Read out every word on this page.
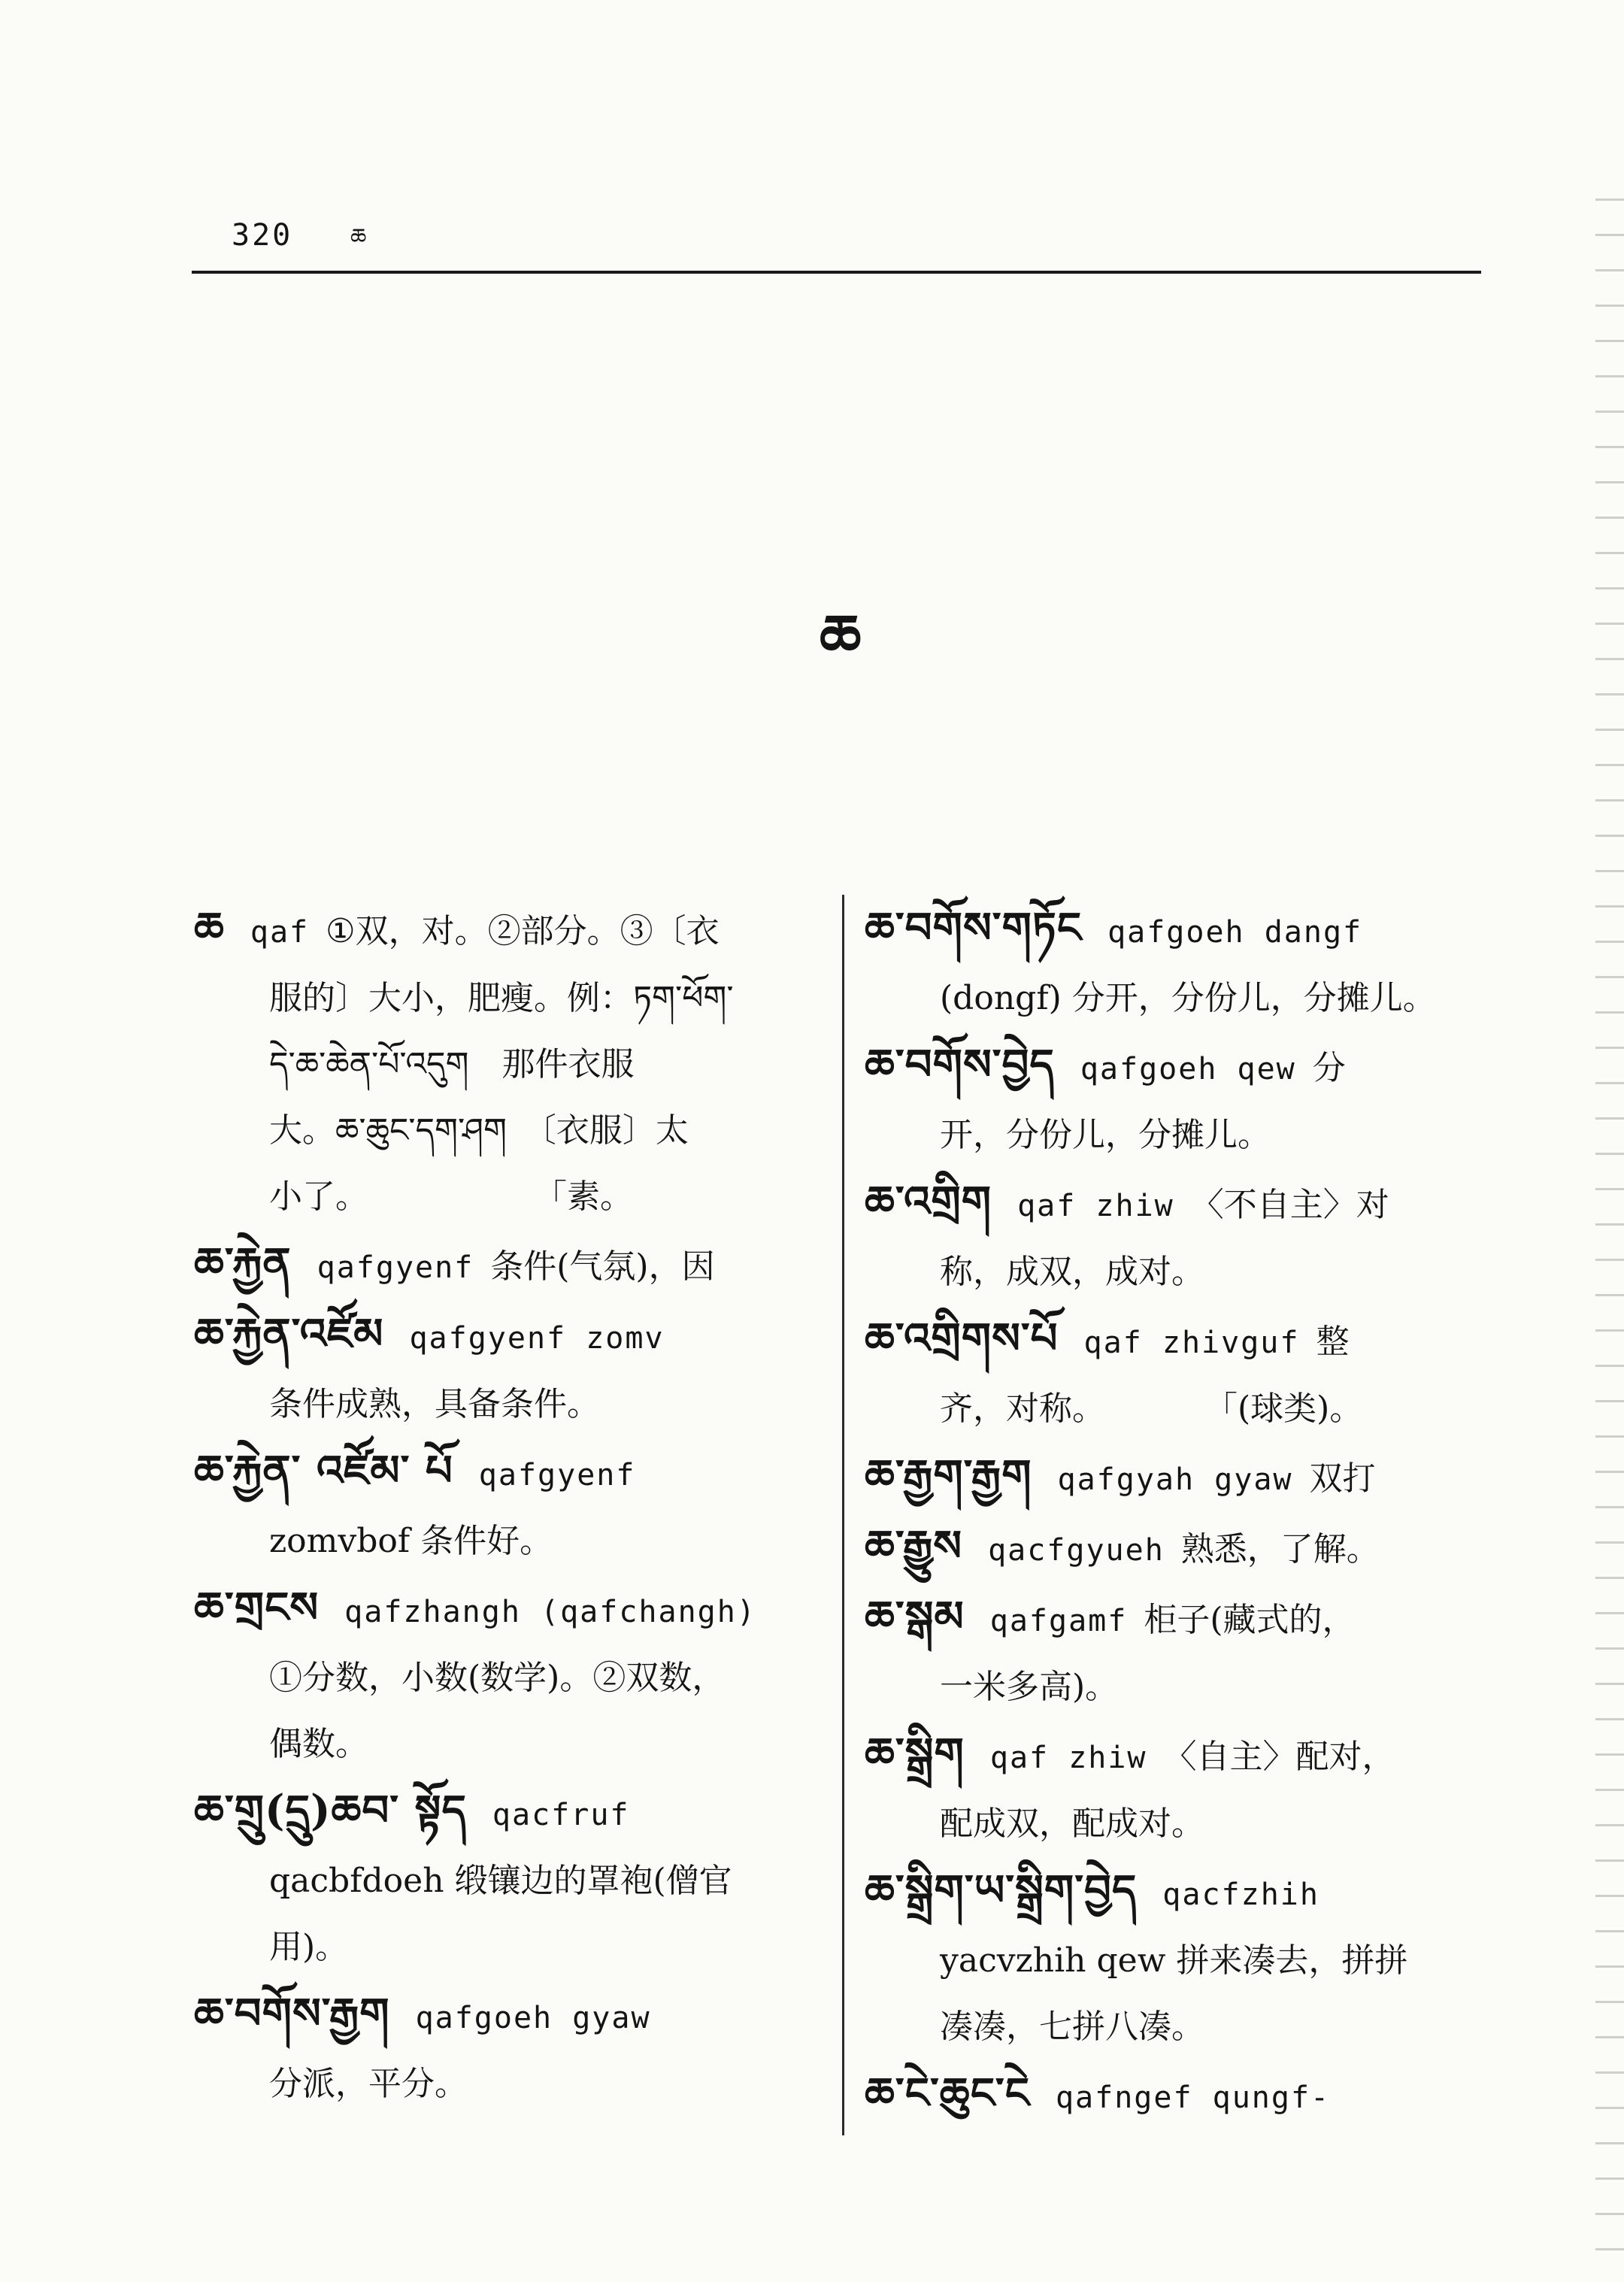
320	ཆ
ཆ
ཆ qaf ①双，对。②部分。③〔衣
服的〕大小，肥瘦。例：ཏག་ཕོག་
དེ་ཆ་ཆེན་པོ་འདུག　那件衣服
大。ཆ་ཆུང་དག་ཤག　〔衣服〕太
小了。　　　　　　「素。
ཆ་རྐྱེན qafgyenf 条件(气氛)，因
ཆ་རྐྱེན་འཛོམ qafgyenf zomv
条件成熟，具备条件。
ཆ་རྐྱེན་ འཛོམ་ པོ qafgyenf
zomvbof 条件好。
ཆ་གྲངས qafzhangh (qafchangh)
①分数，小数(数学)。②双数，
偶数。
ཆ་གྲུ(དྲུ)ཆབ་ སྟོད qacfruf
qacbfdoeh 缎镶边的罩袍(僧官
用)。
ཆ་བགོས་རྒྱག qafgoeh gyaw
分派，平分。
ཆ་བགོས་གཏོང qafgoeh dangf
(dongf) 分开，分份儿，分摊儿。
ཆ་བགོས་བྱེད qafgoeh qew 分
开，分份儿，分摊儿。
ཆ་འགྲིག qaf zhiw 〈不自主〉对
称，成双，成对。
ཆ་འགྲིགས་པོ qaf zhivguf 整
齐，对称。　　　　「(球类)。
ཆ་རྒྱག་རྒྱག qafgyah gyaw 双打
ཆ་རྒྱུས qacfgyueh 熟悉，了解。
ཆ་སྒམ qafgamf 柜子(藏式的，
一米多高)。
ཆ་སྒྲིག qaf zhiw 〈自主〉配对，
配成双，配成对。
ཆ་སྒྲིག་ཡ་སྒྲིག་བྱེད qacfzhih
yacvzhih qew 拼来凑去，拼拼
凑凑，七拼八凑。
ཆ་ངེ་ཆུང་ངེ qafngef qungf-
